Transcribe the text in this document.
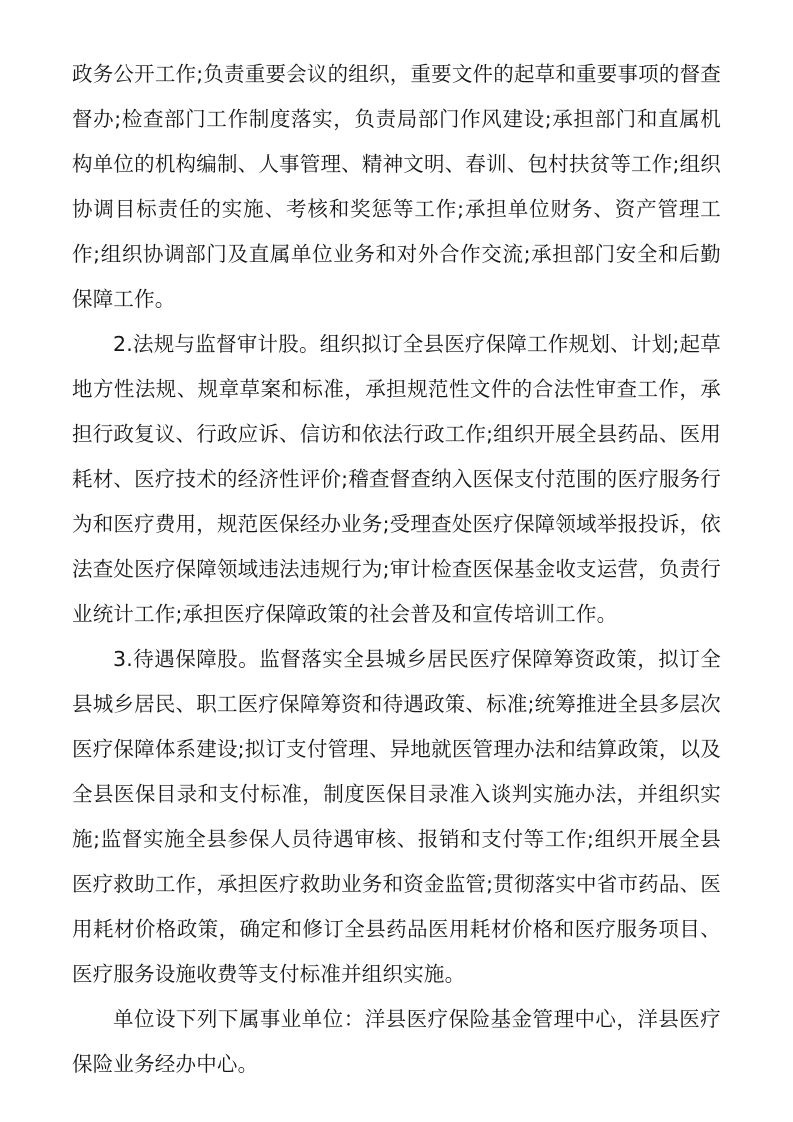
政务公开工作;负责重要会议的组织，重要文件的起草和重要事项的督查督办;检查部门工作制度落实，负责局部门作风建设;承担部门和直属机构单位的机构编制、人事管理、精神文明、春训、包村扶贫等工作;组织协调目标责任的实施、考核和奖惩等工作;承担单位财务、资产管理工作;组织协调部门及直属单位业务和对外合作交流;承担部门安全和后勤保障工作。

2.法规与监督审计股。组织拟订全县医疗保障工作规划、计划;起草地方性法规、规章草案和标准，承担规范性文件的合法性审查工作，承担行政复议、行政应诉、信访和依法行政工作;组织开展全县药品、医用耗材、医疗技术的经济性评价;稽查督查纳入医保支付范围的医疗服务行为和医疗费用，规范医保经办业务;受理查处医疗保障领域举报投诉，依法查处医疗保障领域违法违规行为;审计检查医保基金收支运营，负责行业统计工作;承担医疗保障政策的社会普及和宣传培训工作。

3.待遇保障股。监督落实全县城乡居民医疗保障筹资政策，拟订全县城乡居民、职工医疗保障筹资和待遇政策、标准;统筹推进全县多层次医疗保障体系建设;拟订支付管理、异地就医管理办法和结算政策，以及全县医保目录和支付标准，制度医保目录准入谈判实施办法，并组织实施;监督实施全县参保人员待遇审核、报销和支付等工作;组织开展全县医疗救助工作，承担医疗救助业务和资金监管;贯彻落实中省市药品、医用耗材价格政策，确定和修订全县药品医用耗材价格和医疗服务项目、医疗服务设施收费等支付标准并组织实施。

单位设下列下属事业单位：洋县医疗保险基金管理中心，洋县医疗保险业务经办中心。
